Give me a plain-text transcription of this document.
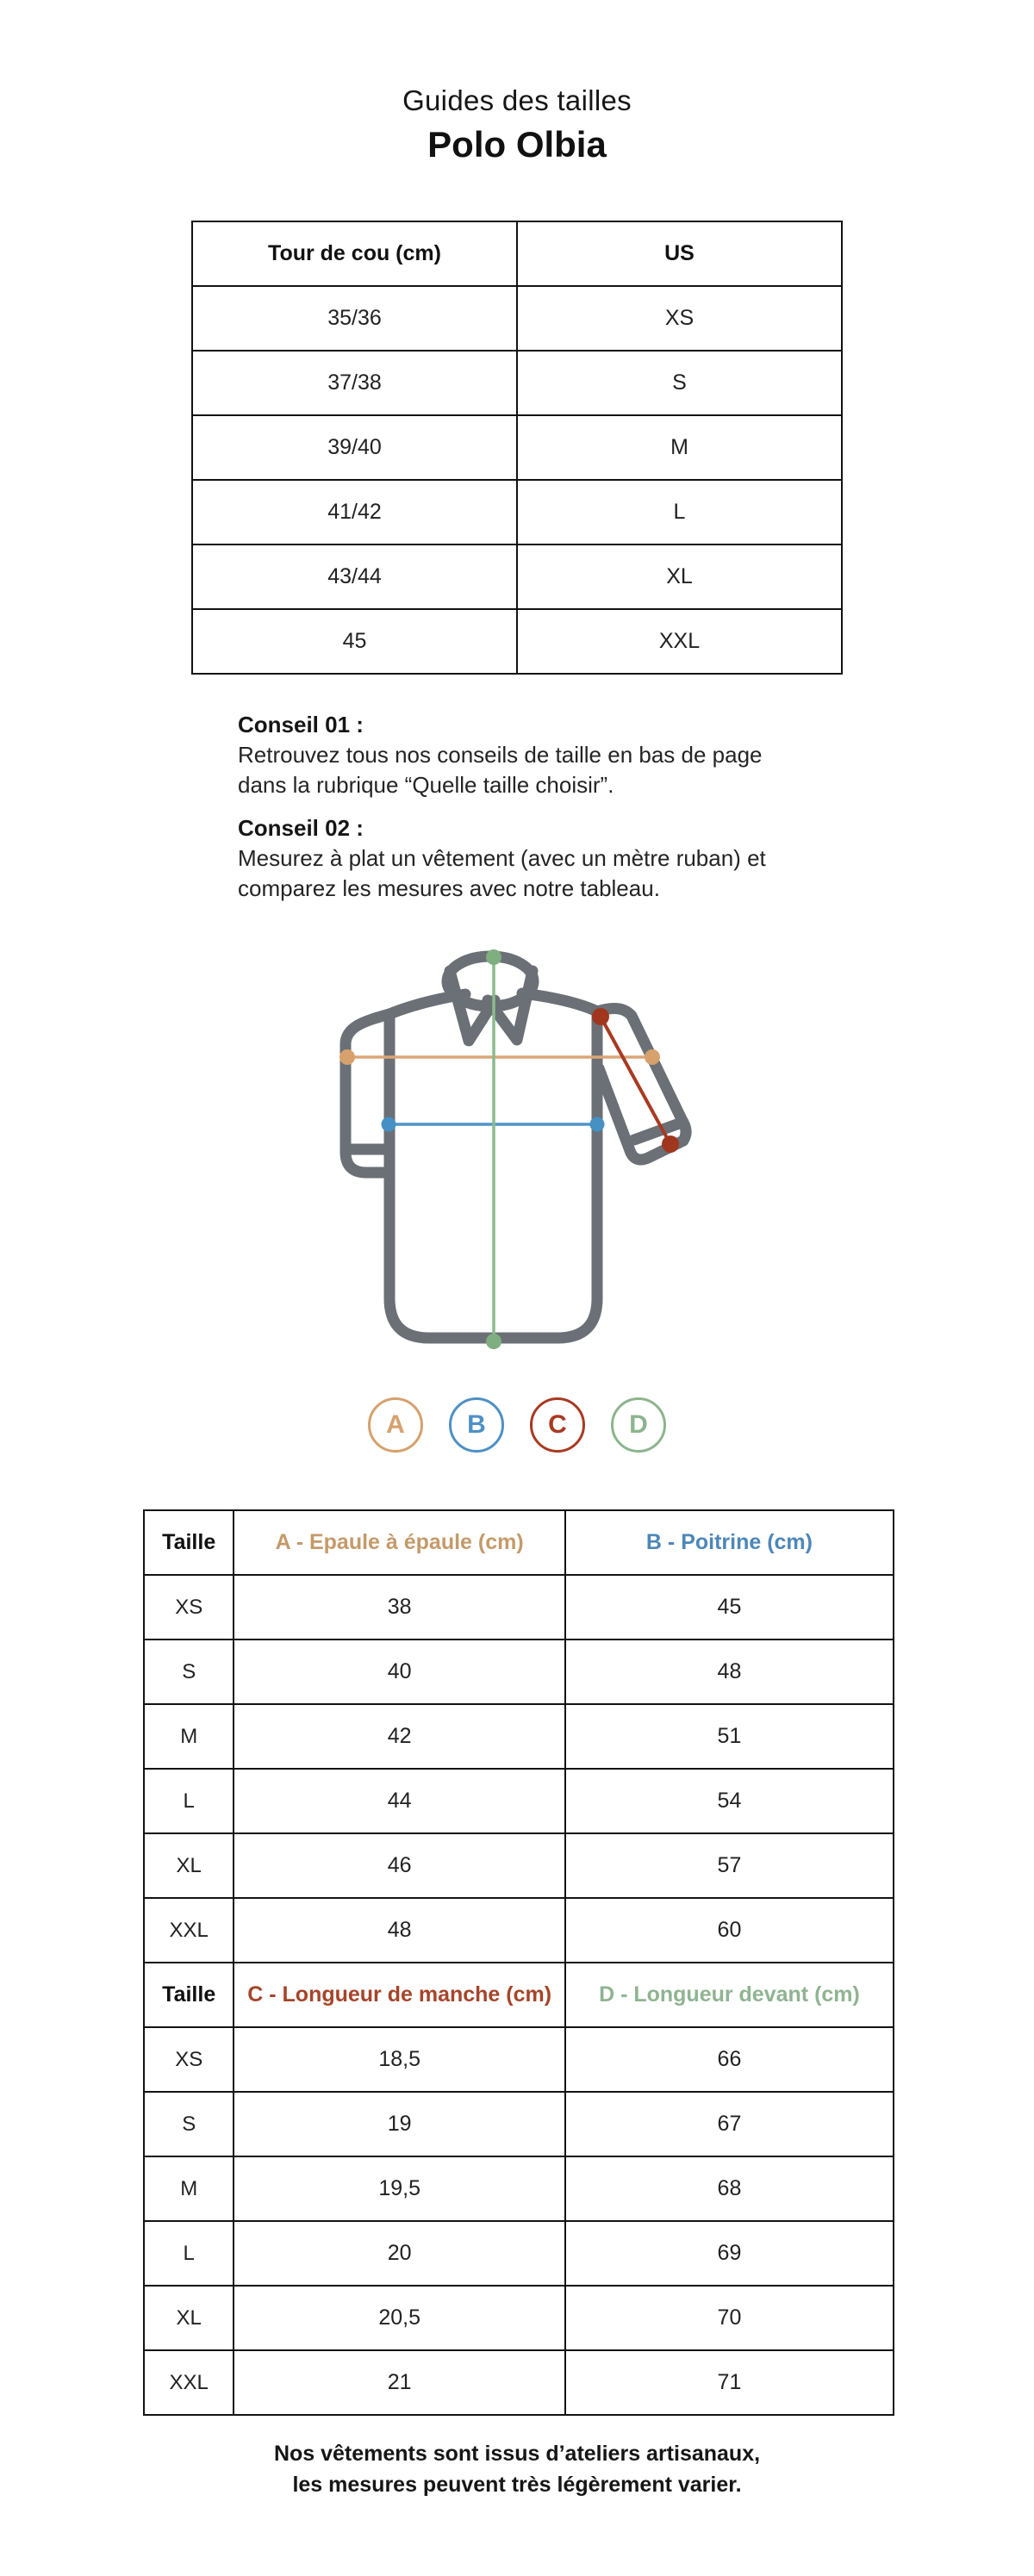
Guides des tailles
Polo Olbia
Tour de cou (cm)	US
35/36	XS
37/38	S
39/40	M
41/42	L
43/44	XL
45	XXL
Conseil 01 :
Retrouvez tous nos conseils de taille en bas de page dans la rubrique “Quelle taille choisir”.
Conseil 02 :
Mesurez à plat un vêtement (avec un mètre ruban) et comparez les mesures avec notre tableau.
A	B	C	D
Taille	A - Epaule à épaule (cm)	B - Poitrine (cm)
XS	38	45
S	40	48
M	42	51
L	44	54
XL	46	57
XXL	48	60
Taille	C - Longueur de manche (cm)	D - Longueur devant (cm)
XS	18,5	66
S	19	67
M	19,5	68
L	20	69
XL	20,5	70
XXL	21	71
Nos vêtements sont issus d’ateliers artisanaux,
les mesures peuvent très légèrement varier.
